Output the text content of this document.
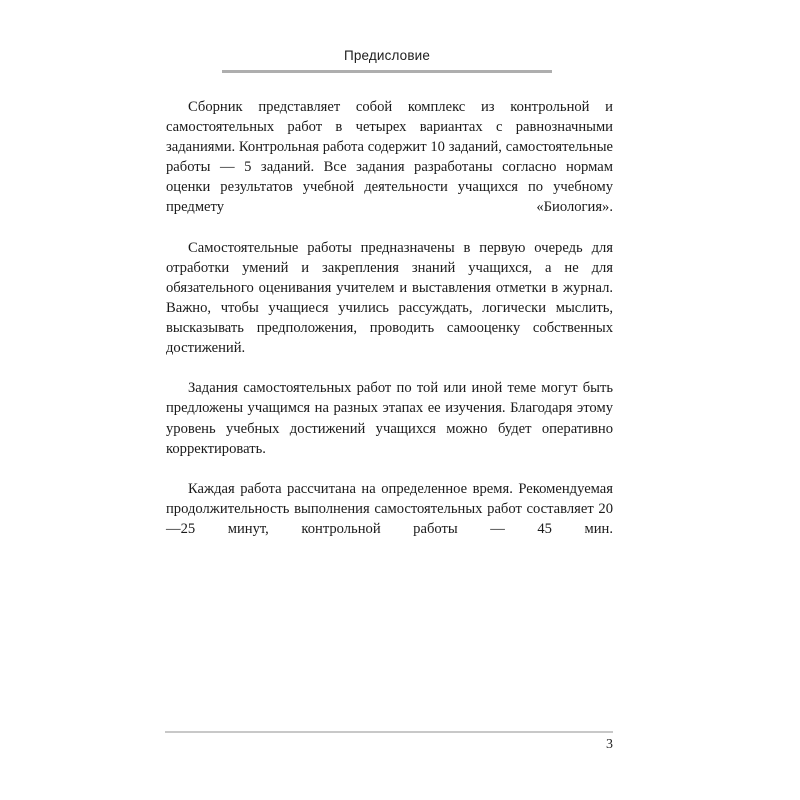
Предисловие

Сборник представляет собой комплекс из контрольной и самостоятельных работ в четырех вариантах с равнозначными заданиями. Контрольная работа содержит 10 заданий, самостоятельные работы — 5 заданий. Все задания разработаны согласно нормам оценки результатов учебной деятельности учащихся по учебному предмету «Биология».

Самостоятельные работы предназначены в первую очередь для отработки умений и закрепления знаний учащихся, а не для обязательного оценивания учителем и выставления отметки в журнал. Важно, чтобы учащиеся учились рассуждать, логически мыслить, высказывать предположения, проводить самооценку собственных достижений.

Задания самостоятельных работ по той или иной теме могут быть предложены учащимся на разных этапах ее изучения. Благодаря этому уровень учебных достижений учащихся можно будет оперативно корректировать.

Каждая работа рассчитана на определенное время. Рекомендуемая продолжительность выполнения самостоятельных работ составляет 20—25 минут, контрольной работы — 45 мин.

3
